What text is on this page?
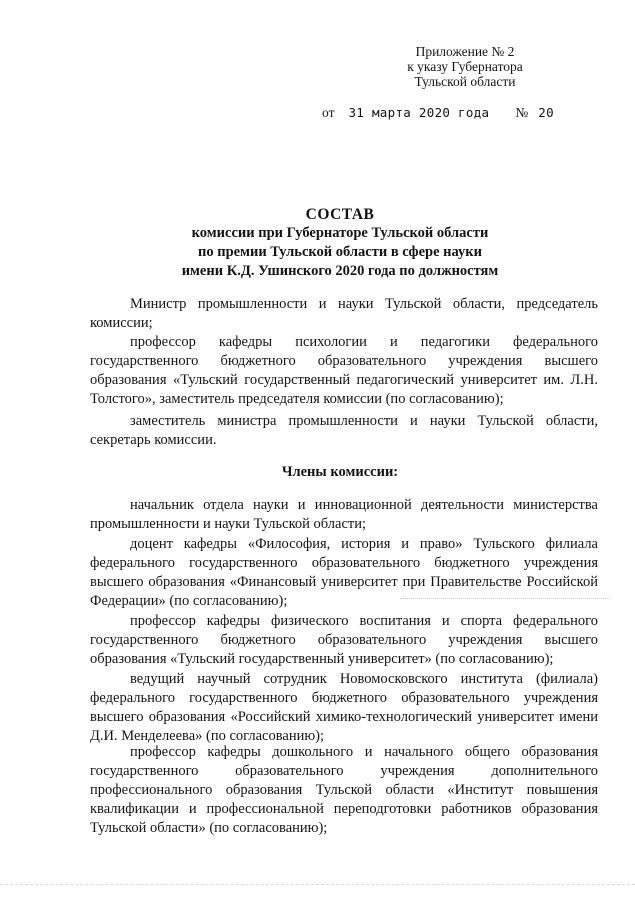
Приложение № 2
к указу Губернатора
Тульской области
от 31 марта 2020 года № 20
СОСТАВ
комиссии при Губернаторе Тульской области
по премии Тульской области в сфере науки
имени К.Д. Ушинского 2020 года по должностям
Министр промышленности и науки Тульской области, председатель комиссии;
профессор кафедры психологии и педагогики федерального государственного бюджетного образовательного учреждения высшего образования «Тульский государственный педагогический университет им. Л.Н. Толстого», заместитель председателя комиссии (по согласованию);
заместитель министра промышленности и науки Тульской области, секретарь комиссии.
Члены комиссии:
начальник отдела науки и инновационной деятельности министерства промышленности и науки Тульской области;
доцент кафедры «Философия, история и право» Тульского филиала федерального государственного образовательного бюджетного учреждения высшего образования «Финансовый университет при Правительстве Российской Федерации» (по согласованию);
профессор кафедры физического воспитания и спорта федерального государственного бюджетного образовательного учреждения высшего образования «Тульский государственный университет» (по согласованию);
ведущий научный сотрудник Новомосковского института (филиала) федерального государственного бюджетного образовательного учреждения высшего образования «Российский химико-технологический университет имени Д.И. Менделеева» (по согласованию);
профессор кафедры дошкольного и начального общего образования государственного образовательного учреждения дополнительного профессионального образования Тульской области «Институт повышения квалификации и профессиональной переподготовки работников образования Тульской области» (по согласованию);
